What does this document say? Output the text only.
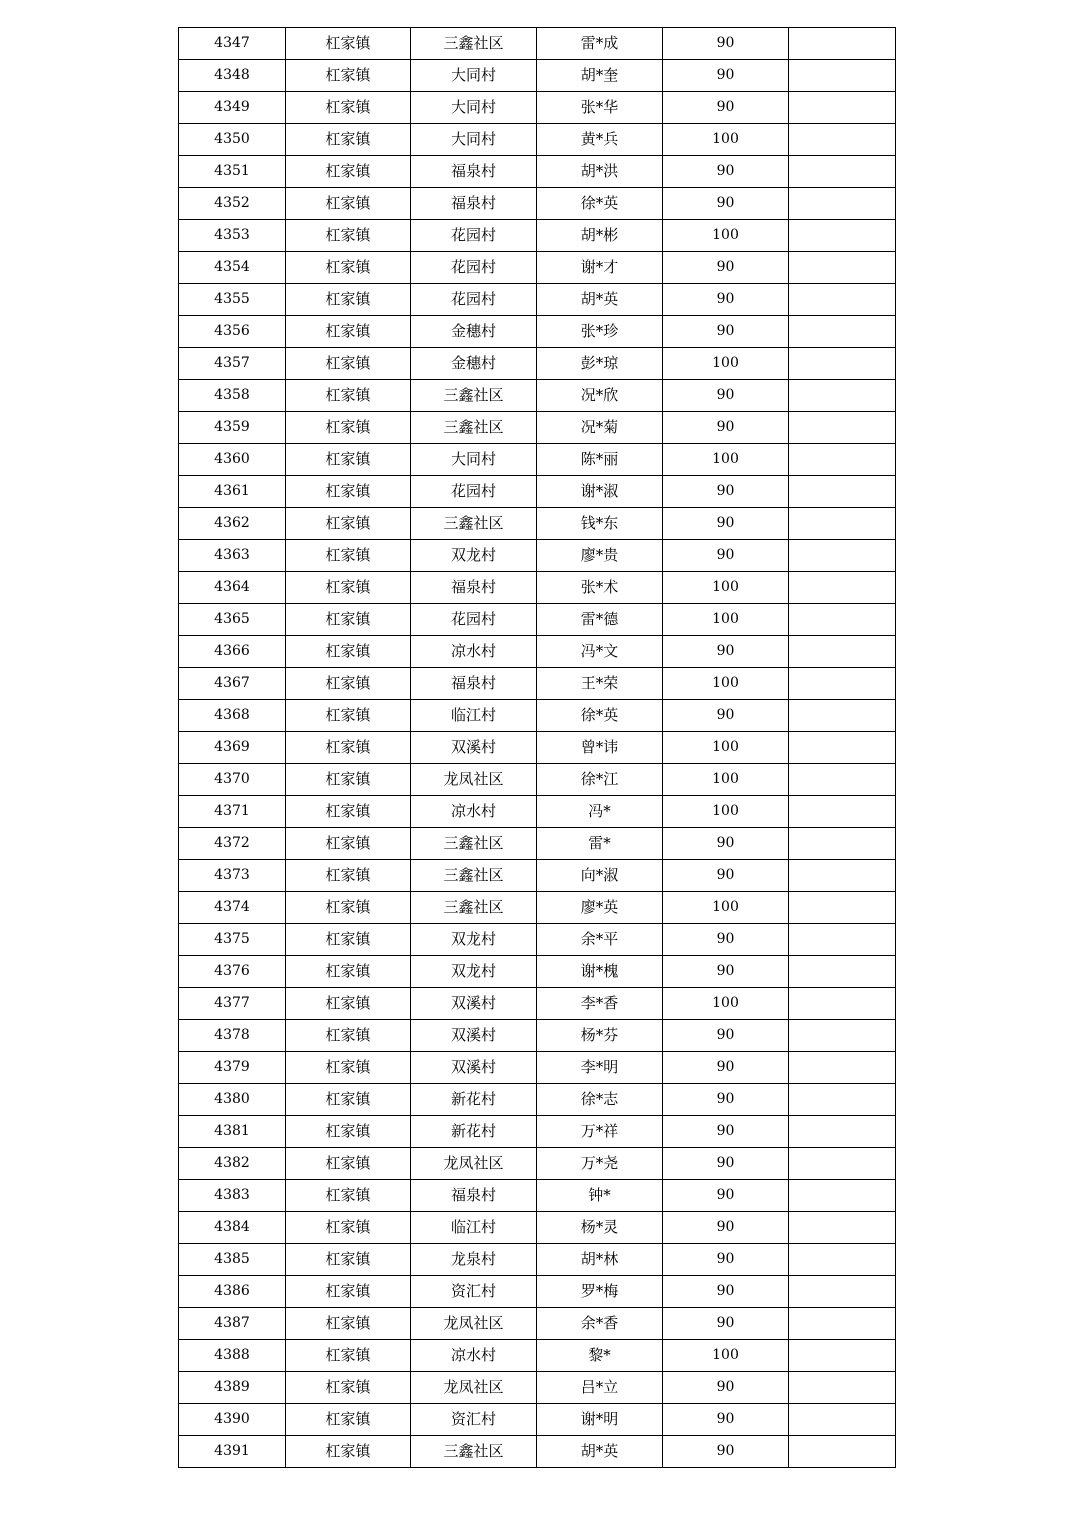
4347	杠家镇	三鑫社区	雷*成	90	
4348	杠家镇	大同村	胡*奎	90	
4349	杠家镇	大同村	张*华	90	
4350	杠家镇	大同村	黄*兵	100	
4351	杠家镇	福泉村	胡*洪	90	
4352	杠家镇	福泉村	徐*英	90	
4353	杠家镇	花园村	胡*彬	100	
4354	杠家镇	花园村	谢*才	90	
4355	杠家镇	花园村	胡*英	90	
4356	杠家镇	金穗村	张*珍	90	
4357	杠家镇	金穗村	彭*琼	100	
4358	杠家镇	三鑫社区	况*欣	90	
4359	杠家镇	三鑫社区	况*菊	90	
4360	杠家镇	大同村	陈*丽	100	
4361	杠家镇	花园村	谢*淑	90	
4362	杠家镇	三鑫社区	钱*东	90	
4363	杠家镇	双龙村	廖*贵	90	
4364	杠家镇	福泉村	张*术	100	
4365	杠家镇	花园村	雷*德	100	
4366	杠家镇	凉水村	冯*文	90	
4367	杠家镇	福泉村	王*荣	100	
4368	杠家镇	临江村	徐*英	90	
4369	杠家镇	双溪村	曾*讳	100	
4370	杠家镇	龙凤社区	徐*江	100	
4371	杠家镇	凉水村	冯*	100	
4372	杠家镇	三鑫社区	雷*	90	
4373	杠家镇	三鑫社区	向*淑	90	
4374	杠家镇	三鑫社区	廖*英	100	
4375	杠家镇	双龙村	余*平	90	
4376	杠家镇	双龙村	谢*槐	90	
4377	杠家镇	双溪村	李*香	100	
4378	杠家镇	双溪村	杨*芬	90	
4379	杠家镇	双溪村	李*明	90	
4380	杠家镇	新花村	徐*志	90	
4381	杠家镇	新花村	万*祥	90	
4382	杠家镇	龙凤社区	万*尧	90	
4383	杠家镇	福泉村	钟*	90	
4384	杠家镇	临江村	杨*灵	90	
4385	杠家镇	龙泉村	胡*林	90	
4386	杠家镇	资汇村	罗*梅	90	
4387	杠家镇	龙凤社区	余*香	90	
4388	杠家镇	凉水村	黎*	100	
4389	杠家镇	龙凤社区	吕*立	90	
4390	杠家镇	资汇村	谢*明	90	
4391	杠家镇	三鑫社区	胡*英	90	
